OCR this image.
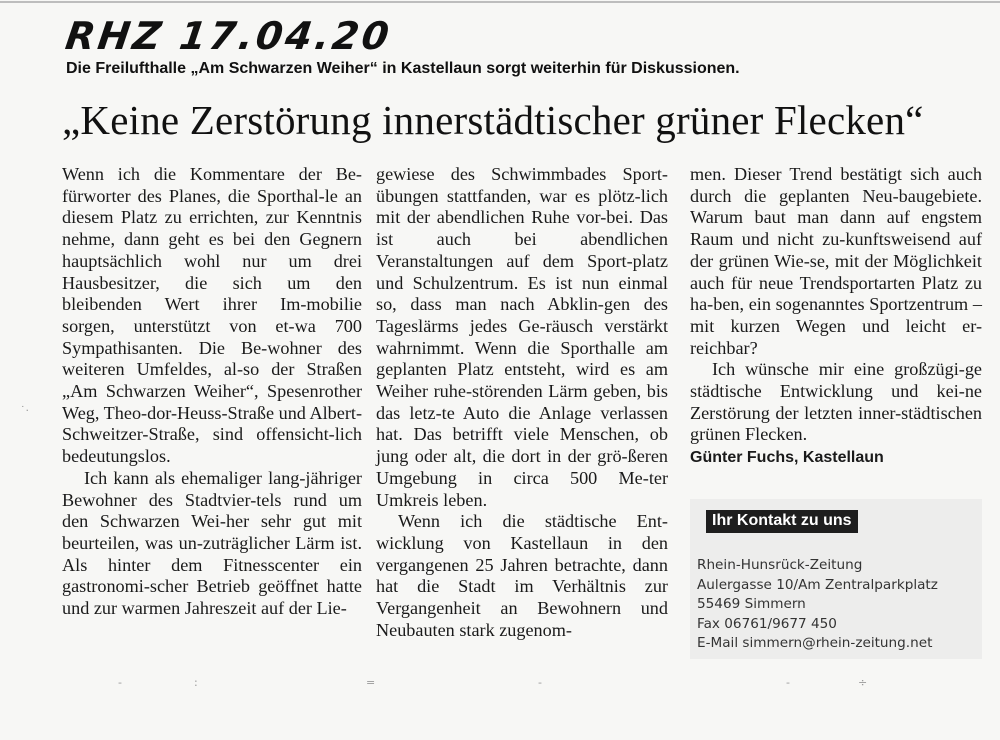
RHZ 17.04.20
Die Freilufthalle „Am Schwarzen Weiher“ in Kastellaun sorgt weiterhin für Diskussionen.
„Keine Zerstörung innerstädtischer grüner Flecken“

Wenn ich die Kommentare der Be-fürworter des Planes, die Sporthal-le an diesem Platz zu errichten, zur Kenntnis nehme, dann geht es bei den Gegnern hauptsächlich wohl nur um drei Hausbesitzer, die sich um den bleibenden Wert ihrer Im-mobilie sorgen, unterstützt von et-wa 700 Sympathisanten. Die Be-wohner des weiteren Umfeldes, al-so der Straßen „Am Schwarzen Weiher“, Spesenrother Weg, Theo-dor-Heuss-Straße und Albert-Schweitzer-Straße, sind offensicht-lich bedeutungslos.

Ich kann als ehemaliger lang-jähriger Bewohner des Stadtvier-tels rund um den Schwarzen Wei-her sehr gut mit beurteilen, was un-zuträglicher Lärm ist. Als hinter dem Fitnesscenter ein gastronomi-scher Betrieb geöffnet hatte und zur warmen Jahreszeit auf der Lie-

gewiese des Schwimmbades Sport-übungen stattfanden, war es plötz-lich mit der abendlichen Ruhe vor-bei. Das ist auch bei abendlichen Veranstaltungen auf dem Sport-platz und Schulzentrum. Es ist nun einmal so, dass man nach Abklin-gen des Tageslärms jedes Ge-räusch verstärkt wahrnimmt. Wenn die Sporthalle am geplanten Platz entsteht, wird es am Weiher ruhe-störenden Lärm geben, bis das letz-te Auto die Anlage verlassen hat. Das betrifft viele Menschen, ob jung oder alt, die dort in der grö-ßeren Umgebung in circa 500 Me-ter Umkreis leben.

Wenn ich die städtische Ent-wicklung von Kastellaun in den vergangenen 25 Jahren betrachte, dann hat die Stadt im Verhältnis zur Vergangenheit an Bewohnern und Neubauten stark zugenom-

men. Dieser Trend bestätigt sich auch durch die geplanten Neu-baugebiete. Warum baut man dann auf engstem Raum und nicht zu-kunftsweisend auf der grünen Wie-se, mit der Möglichkeit auch für neue Trendsportarten Platz zu ha-ben, ein sogenanntes Sportzentrum – mit kurzen Wegen und leicht er-reichbar?

Ich wünsche mir eine großzügi-ge städtische Entwicklung und kei-ne Zerstörung der letzten inner-städtischen grünen Flecken.

Günter Fuchs, Kastellaun
Ihr Kontakt zu uns
Rhein-Hunsrück-Zeitung
Aulergasse 10/Am Zentralparkplatz
55469 Simmern
Fax 06761/9677 450
E-Mail simmern@rhein-zeitung.net
˙·
-	:	=	-	-	÷
